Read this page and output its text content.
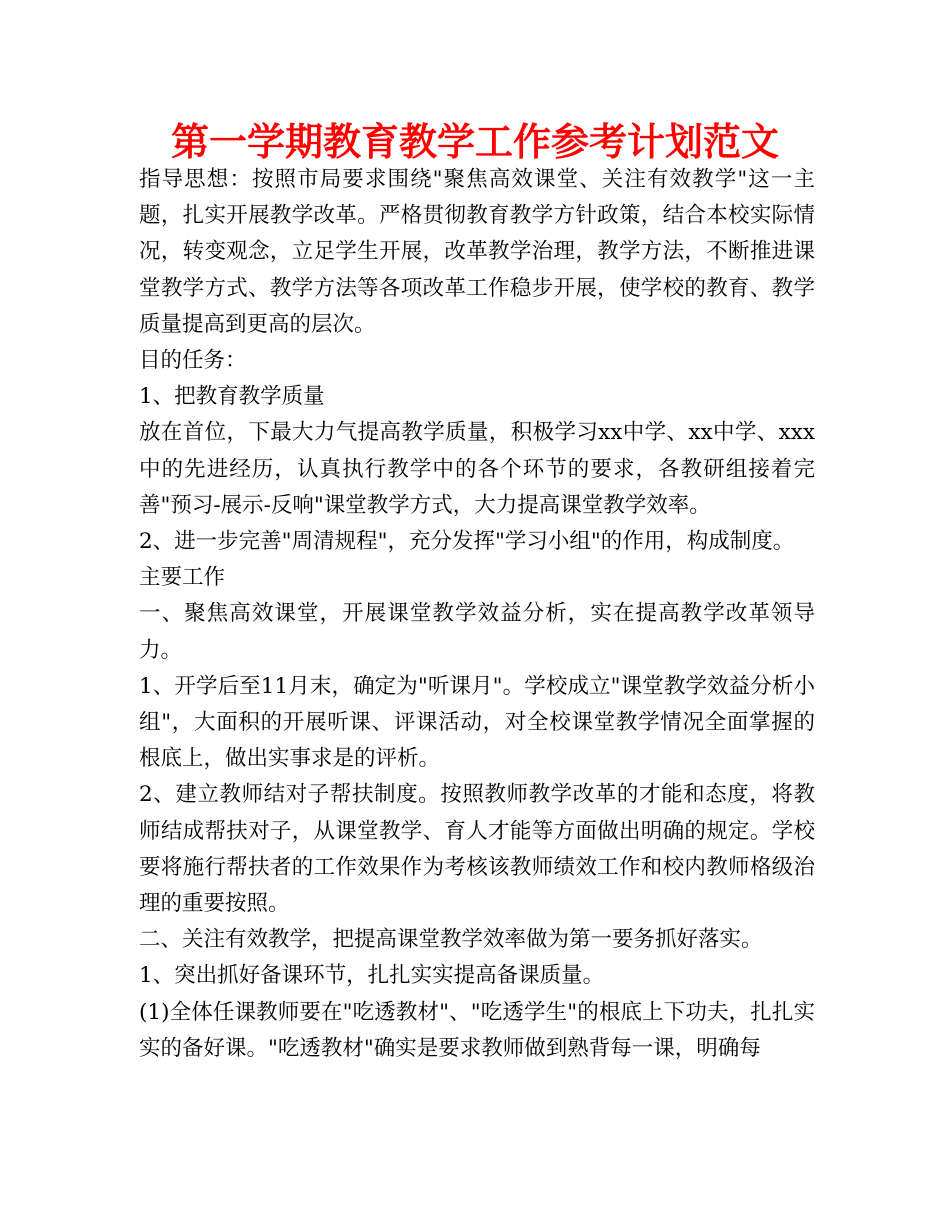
第一学期教育教学工作参考计划范文

指导思想：按照市局要求围绕"聚焦高效课堂、关注有效教学"这一主题，扎实开展教学改革。严格贯彻教育教学方针政策，结合本校实际情况，转变观念，立足学生开展，改革教学治理，教学方法，不断推进课堂教学方式、教学方法等各项改革工作稳步开展，使学校的教育、教学质量提高到更高的层次。

目的任务：

1、把教育教学质量

放在首位，下最大力气提高教学质量，积极学习xx中学、xx中学、xxx中的先进经历，认真执行教学中的各个环节的要求，各教研组接着完善"预习-展示-反响"课堂教学方式，大力提高课堂教学效率。

2、进一步完善"周清规程"，充分发挥"学习小组"的作用，构成制度。

主要工作

一、聚焦高效课堂，开展课堂教学效益分析，实在提高教学改革领导力。

1、开学后至11月末，确定为"听课月"。学校成立"课堂教学效益分析小组"，大面积的开展听课、评课活动，对全校课堂教学情况全面掌握的根底上，做出实事求是的评析。

2、建立教师结对子帮扶制度。按照教师教学改革的才能和态度，将教师结成帮扶对子，从课堂教学、育人才能等方面做出明确的规定。学校要将施行帮扶者的工作效果作为考核该教师绩效工作和校内教师格级治理的重要按照。

二、关注有效教学，把提高课堂教学效率做为第一要务抓好落实。

1、突出抓好备课环节，扎扎实实提高备课质量。

(1)全体任课教师要在"吃透教材"、"吃透学生"的根底上下功夫，扎扎实实的备好课。"吃透教材"确实是要求教师做到熟背每一课，明确每
